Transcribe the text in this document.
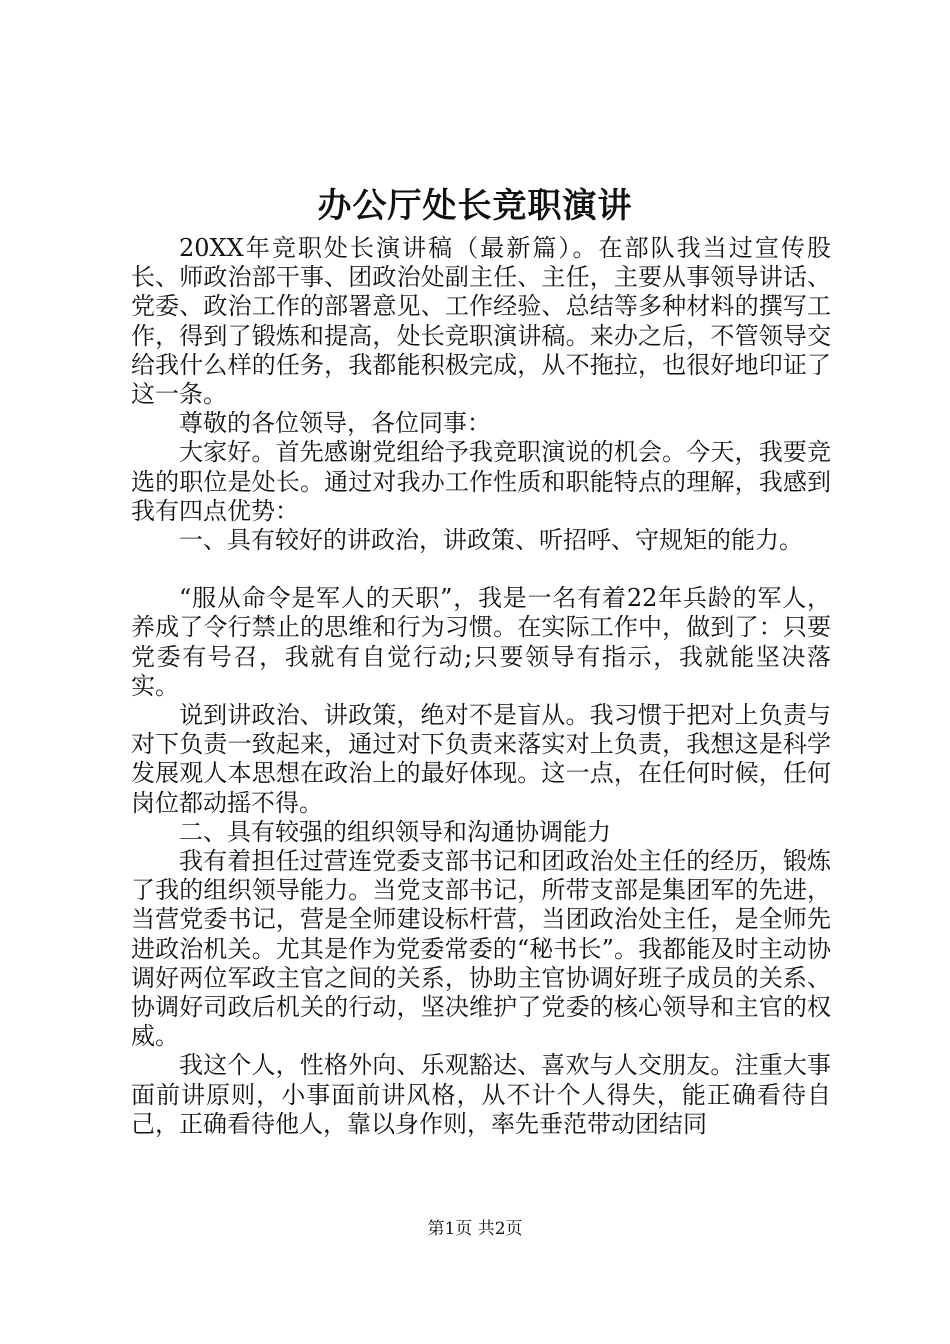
办公厅处长竞职演讲

20XX年竞职处长演讲稿（最新篇）。在部队我当过宣传股长、师政治部干事、团政治处副主任、主任，主要从事领导讲话、党委、政治工作的部署意见、工作经验、总结等多种材料的撰写工作，得到了锻炼和提高，处长竞职演讲稿。来办之后，不管领导交给我什么样的任务，我都能积极完成，从不拖拉，也很好地印证了这一条。

尊敬的各位领导，各位同事：

大家好。首先感谢党组给予我竞职演说的机会。今天，我要竞选的职位是处长。通过对我办工作性质和职能特点的理解，我感到我有四点优势：

一、具有较好的讲政治，讲政策、听招呼、守规矩的能力。

“服从命令是军人的天职”，我是一名有着22年兵龄的军人，养成了令行禁止的思维和行为习惯。在实际工作中，做到了：只要党委有号召，我就有自觉行动;只要领导有指示，我就能坚决落实。

说到讲政治、讲政策，绝对不是盲从。我习惯于把对上负责与对下负责一致起来，通过对下负责来落实对上负责，我想这是科学发展观人本思想在政治上的最好体现。这一点，在任何时候，任何岗位都动摇不得。

二、具有较强的组织领导和沟通协调能力

我有着担任过营连党委支部书记和团政治处主任的经历，锻炼了我的组织领导能力。当党支部书记，所带支部是集团军的先进，当营党委书记，营是全师建设标杆营，当团政治处主任，是全师先进政治机关。尤其是作为党委常委的“秘书长”。我都能及时主动协调好两位军政主官之间的关系，协助主官协调好班子成员的关系、协调好司政后机关的行动，坚决维护了党委的核心领导和主官的权威。

我这个人，性格外向、乐观豁达、喜欢与人交朋友。注重大事面前讲原则，小事面前讲风格，从不计个人得失，能正确看待自己，正确看待他人，靠以身作则，率先垂范带动团结同

第1页 共2页
